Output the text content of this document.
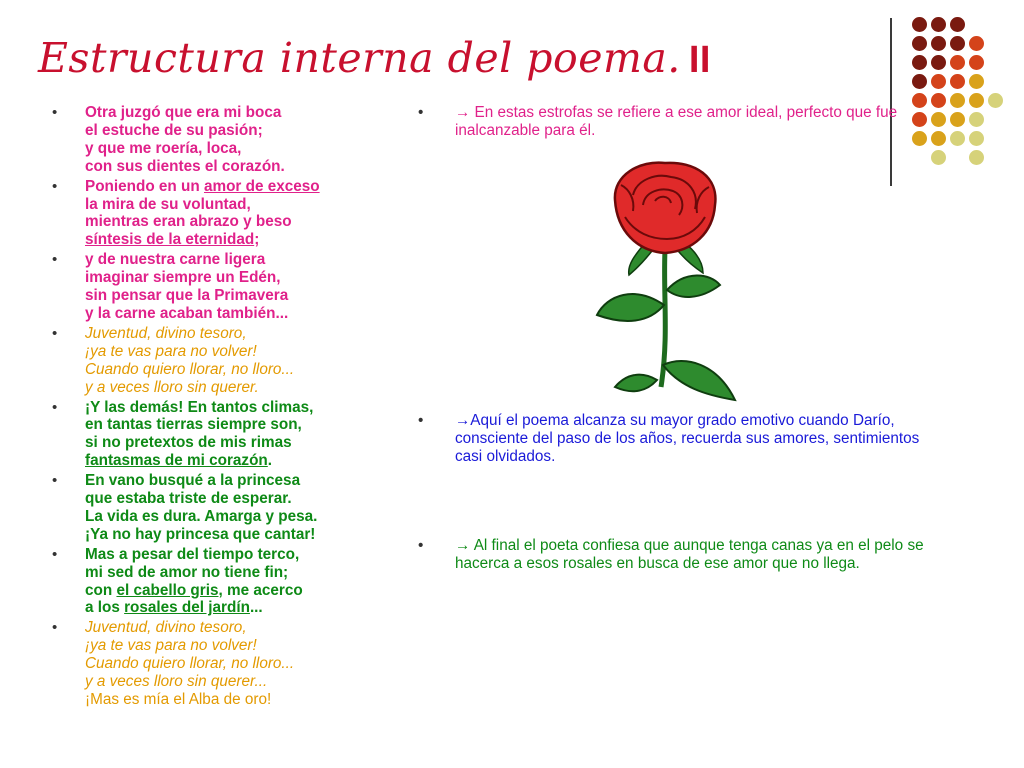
Estructura interna del poema. II
• Otra juzgó que era mi boca
el estuche de su pasión;
y que me roería, loca,
con sus dientes el corazón.
• Poniendo en un amor de exceso
la mira de su voluntad,
mientras eran abrazo y beso
síntesis de la eternidad;
• y de nuestra carne ligera
imaginar siempre un Edén,
sin pensar que la Primavera
y la carne acaban también...
• Juventud, divino tesoro,
¡ya te vas para no volver!
Cuando quiero llorar, no lloro...
y a veces lloro sin querer.
• ¡Y las demás! En tantos climas,
en tantas tierras siempre son,
si no pretextos de mis rimas
fantasmas de mi corazón.
• En vano busqué a la princesa
que estaba triste de esperar.
La vida es dura. Amarga y pesa.
¡Ya no hay princesa que cantar!
• Mas a pesar del tiempo terco,
mi sed de amor no tiene fin;
con el cabello gris, me acerco
a los rosales del jardín...
• Juventud, divino tesoro,
¡ya te vas para no volver!
Cuando quiero llorar, no lloro...
y a veces lloro sin querer...
¡Mas es mía el Alba de oro!

• → En estas estrofas se refiere a ese amor ideal, perfecto que fue inalcanzable para él.

• →Aquí el poema alcanza su mayor grado emotivo cuando Darío, consciente del paso de los años, recuerda sus amores, sentimientos casi olvidados.

• → Al final el poeta confiesa que aunque tenga canas ya en el pelo se hacerca a esos rosales en busca de ese amor que no llega.
